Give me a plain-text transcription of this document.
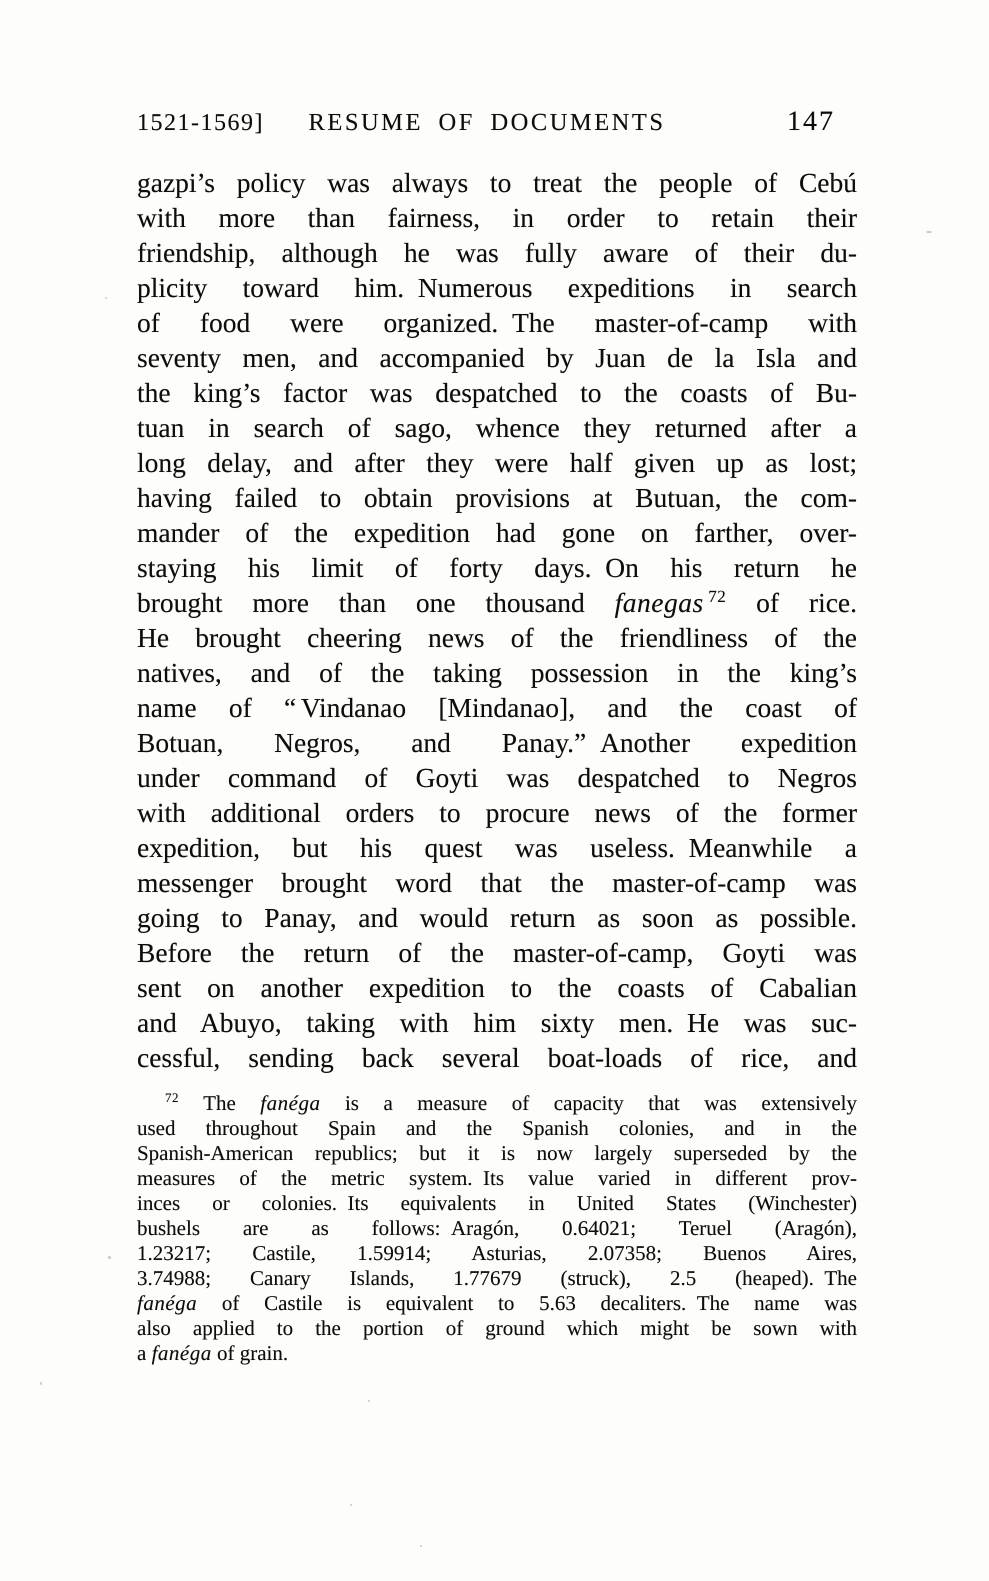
1521-1569] RESUME OF DOCUMENTS	147
gazpi’s policy was always to treat the people of Cebú
with more than fairness, in order to retain their
friendship, although he was fully aware of their du-
plicity toward him. Numerous expeditions in search
of food were organized. The master-of-camp with
seventy men, and accompanied by Juan de la Isla and
the king’s factor was despatched to the coasts of Bu-
tuan in search of sago, whence they returned after a
long delay, and after they were half given up as lost;
having failed to obtain provisions at Butuan, the com-
mander of the expedition had gone on farther, over-
staying his limit of forty days. On his return he
brought more than one thousand fanegas  $^{72}$ of rice.
He brought cheering news of the friendliness of the
natives, and of the taking possession in the king’s
name of “ Vindanao [Mindanao], and the coast of
Botuan, Negros, and Panay.” Another expedition
under command of Goyti was despatched to Negros
with additional orders to procure news of the former
expedition, but his quest was useless. Meanwhile a
messenger brought word that the master-of-camp was
going to Panay, and would return as soon as possible.
Before the return of the master-of-camp, Goyti was
sent on another expedition to the coasts of Cabalian
and Abuyo, taking with him sixty men. He was suc-
cessful, sending back several boat-loads of rice, and
$^{72}$ The fanéga is a measure of capacity that was extensively
used throughout Spain and the Spanish colonies, and in the
Spanish-American republics; but it is now largely superseded by the
measures of the metric system. Its value varied in different prov-
inces or colonies. Its equivalents in United States (Winchester)
bushels are as follows: Aragón, 0.64021; Teruel (Aragón),
1.23217; Castile, 1.59914; Asturias, 2.07358; Buenos Aires,
3.74988; Canary Islands, 1.77679 (struck), 2.5 (heaped). The
fanéga of Castile is equivalent to 5.63 decaliters. The name was
also applied to the portion of ground which might be sown with
a fanéga of grain.
